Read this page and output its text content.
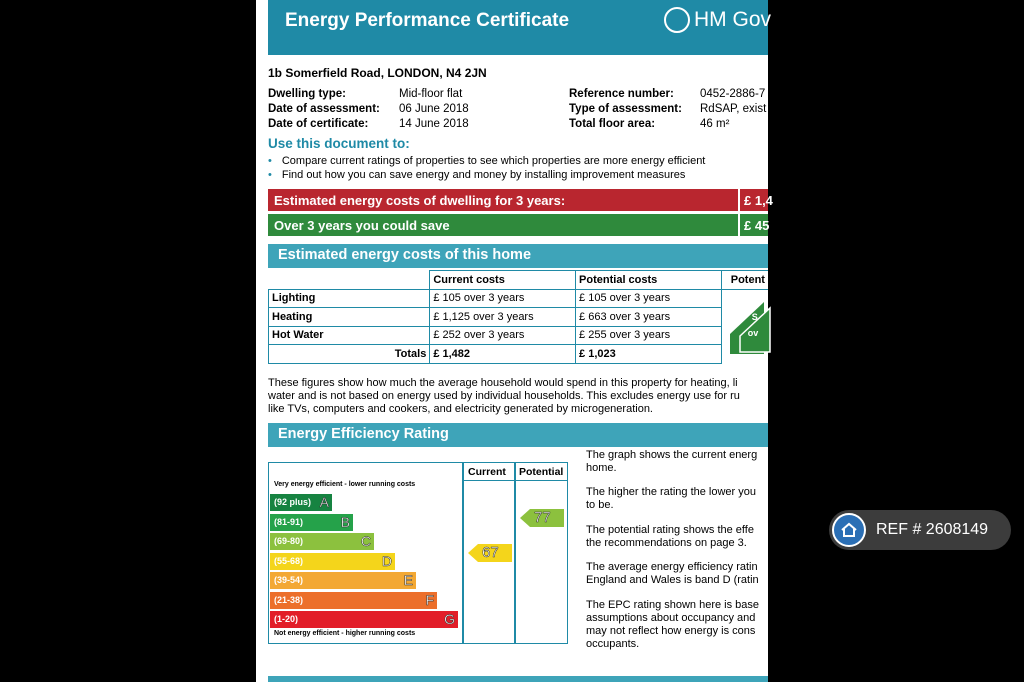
Energy Performance Certificate	HM Gov
1b Somerfield Road, LONDON, N4 2JN
Dwelling type:	Mid-floor flat
Date of assessment: 06 June 2018
Date of certificate:	14 June 2018
Reference number: 0452-2886-7
Type of assessment: RdSAP, exist
Total floor area:	46 m²
Use this document to:
• Compare current ratings of properties to see which properties are more energy efficient
• Find out how you can save energy and money by installing improvement measures
Estimated energy costs of dwelling for 3 years:	£ 1,4
Over 3 years you could save	£ 45
Estimated energy costs of this home
	Current costs	Potential costs	Potent
Lighting	£ 105 over 3 years	£ 105 over 3 years	S
ov

Heating	£ 1,125 over 3 years	£ 663 over 3 years	
Hot Water	£ 252 over 3 years	£ 255 over 3 years	
Totals	£ 1,482	£ 1,023	
These figures show how much the average household would spend in this property for heating, li
water and is not based on energy used by individual households. This excludes energy use for ru
like TVs, computers and cookers, and electricity generated by microgeneration.
Energy Efficiency Rating
Current Potential
Very energy efficient - lower running costs
Not energy efficient - higher running costs
(92 plus) A
(81-91)	B
(69-80)	C
(55-68)	D
(39-54)	E
(21-38)	F
(1-20)	G
67
77
The graph shows the current energ
home.
The higher the rating the lower you
to be.
The potential rating shows the effe
the recommendations on page 3.
The average energy efficiency ratin
England and Wales is band D (ratin
The EPC rating shown here is base
assumptions about occupancy and
may not reflect how energy is cons
occupants.
REF # 2608149
